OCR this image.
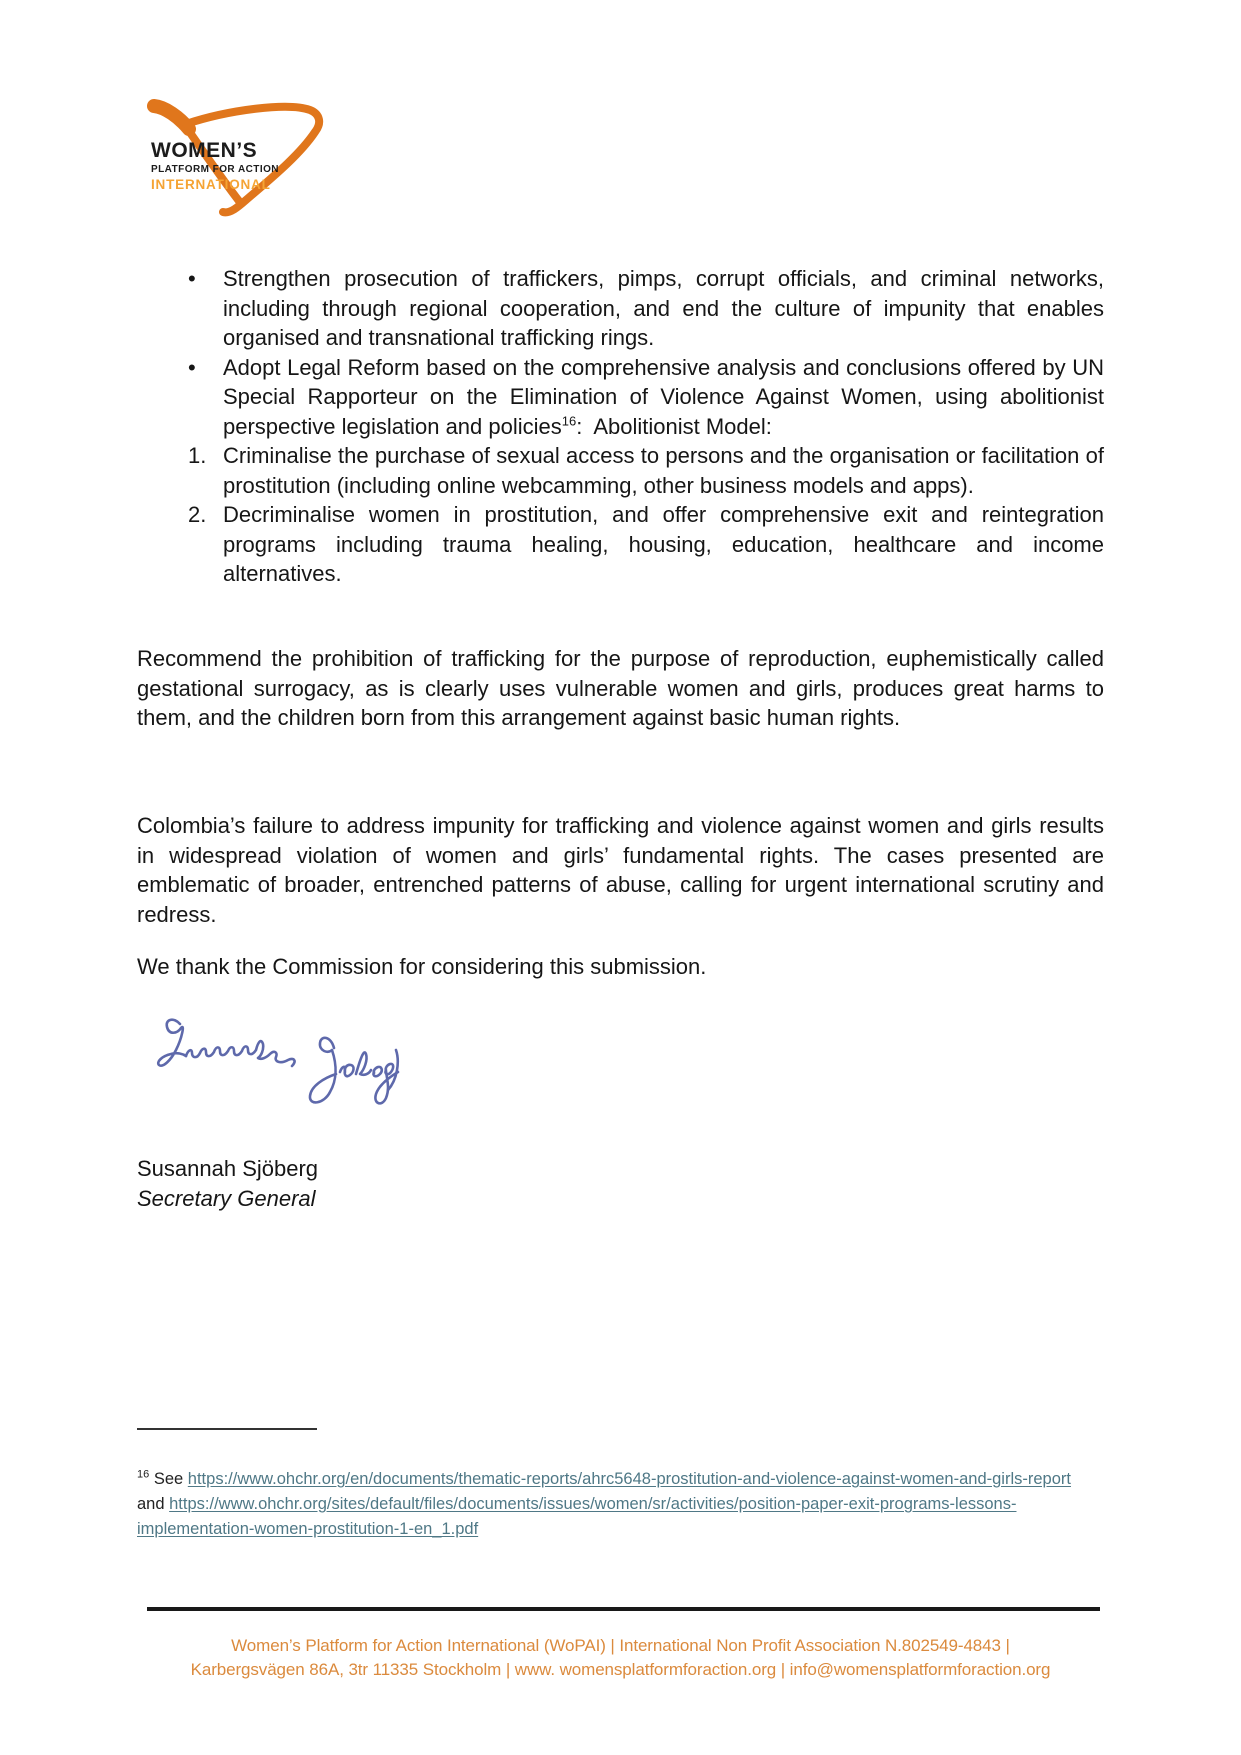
WOMEN’S
PLATFORM FOR ACTION
INTERNATIONAL
•	Strengthen prosecution of traffickers, pimps, corrupt officials, and criminal networks, including through regional cooperation, and end the culture of impunity that enables organised and transnational trafficking rings.
•	Adopt Legal Reform based on the comprehensive analysis and conclusions offered by UN Special Rapporteur on the Elimination of Violence Against Women, using abolitionist perspective legislation and policies$^{16}$:  Abolitionist Model:
1. Criminalise the purchase of sexual access to persons and the organisation or facilitation of prostitution (including online webcamming, other business models and apps).
2. Decriminalise women in prostitution, and offer comprehensive exit and reintegration programs including trauma healing, housing, education, healthcare and income alternatives.

Recommend the prohibition of trafficking for the purpose of reproduction, euphemistically called gestational surrogacy, as is clearly uses vulnerable women and girls, produces great harms to them, and the children born from this arrangement against basic human rights.

Colombia’s failure to address impunity for trafficking and violence against women and girls results in widespread violation of women and girls’ fundamental rights. The cases presented are emblematic of broader, entrenched patterns of abuse, calling for urgent international scrutiny and redress.

We thank the Commission for considering this submission.

Susannah Sjöberg
Secretary General
$^{16}$ See https://www.ohchr.org/en/documents/thematic-reports/ahrc5648-prostitution-and-violence-against-women-and-girls-report and https://www.ohchr.org/sites/default/files/documents/issues/women/sr/activities/position-paper-exit-programs-lessons-implementation-women-prostitution-1-en_1.pdf
Women’s Platform for Action International (WoPAI) | International Non Profit Association N.802549-4843 |
Karbergsvägen 86A, 3tr 11335 Stockholm | www. womensplatformforaction.org | info@womensplatformforaction.org
